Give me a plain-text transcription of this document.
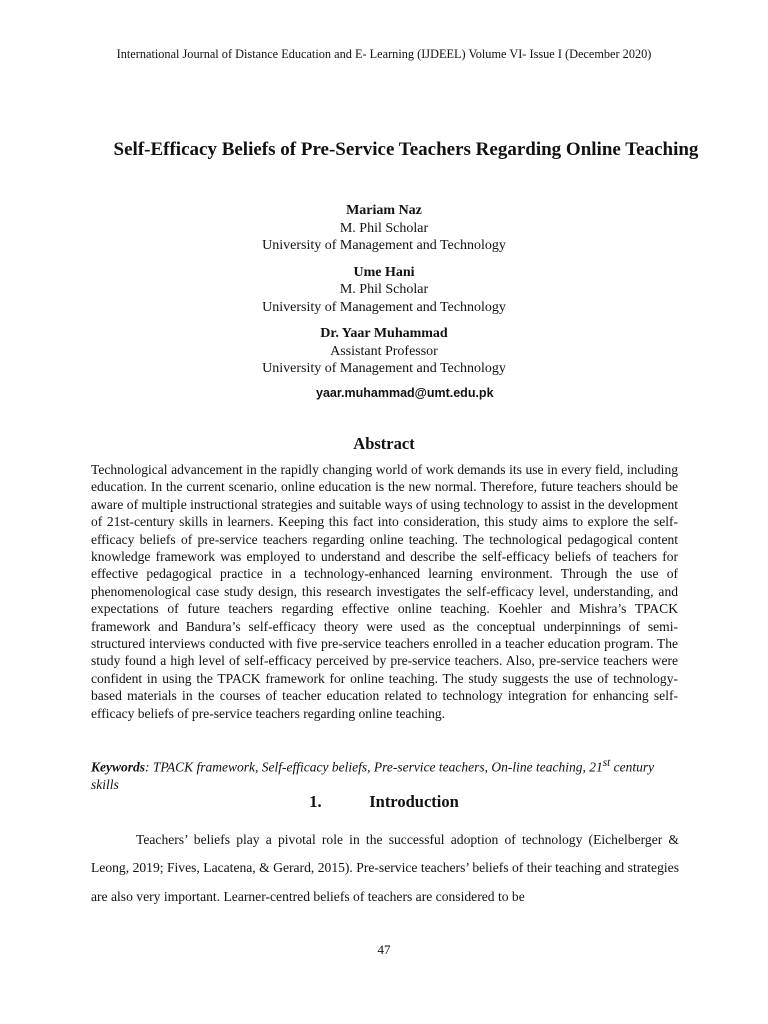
International Journal of Distance Education and E- Learning (IJDEEL) Volume VI- Issue I (December 2020)
Self-Efficacy Beliefs of Pre-Service Teachers Regarding Online Teaching
Mariam Naz
M. Phil Scholar
University of Management and Technology
Ume Hani
M. Phil Scholar
University of Management and Technology
Dr. Yaar Muhammad
Assistant Professor
University of Management and Technology
yaar.muhammad@umt.edu.pk
Abstract
Technological advancement in the rapidly changing world of work demands its use in every field, including education. In the current scenario, online education is the new normal. Therefore, future teachers should be aware of multiple instructional strategies and suitable ways of using technology to assist in the development of 21st-century skills in learners. Keeping this fact into consideration, this study aims to explore the self-efficacy beliefs of pre-service teachers regarding online teaching. The technological pedagogical content knowledge framework was employed to understand and describe the self-efficacy beliefs of teachers for effective pedagogical practice in a technology-enhanced learning environment. Through the use of phenomenological case study design, this research investigates the self-efficacy level, understanding, and expectations of future teachers regarding effective online teaching. Koehler and Mishra’s TPACK framework and Bandura’s self-efficacy theory were used as the conceptual underpinnings of semi-structured interviews conducted with five pre-service teachers enrolled in a teacher education program. The study found a high level of self-efficacy perceived by pre-service teachers. Also, pre-service teachers were confident in using the TPACK framework for online teaching. The study suggests the use of technology-based materials in the courses of teacher education related to technology integration for enhancing self-efficacy beliefs of pre-service teachers regarding online teaching.
Keywords: TPACK framework, Self-efficacy beliefs, Pre-service teachers, On-line teaching, 21st century skills
1.	Introduction
Teachers’ beliefs play a pivotal role in the successful adoption of technology (Eichelberger & Leong, 2019; Fives, Lacatena, & Gerard, 2015). Pre-service teachers’ beliefs of their teaching and strategies are also very important. Learner-centred beliefs of teachers are considered to be
47
